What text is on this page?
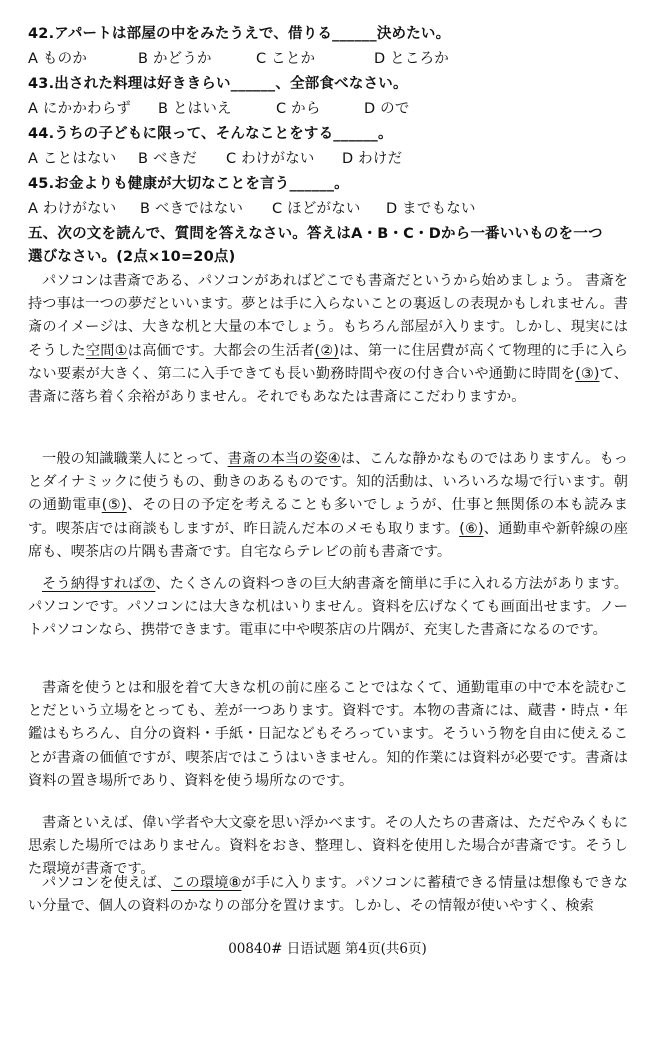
42.アパートは部屋の中をみたうえで、借りる______決めたい。
A ものか	B かどうか	C ことか	D ところか
43.出された料理は好ききらい______、全部食べなさい。
A にかかわらず B とはいえ	C から	D ので
44.うちの子どもに限って、そんなことをする______。
A ことはない B べきだ C わけがない D わけだ
45.お金よりも健康が大切なことを言う______。
A わけがない B べきではない C ほどがない D までもない
五、次の文を読んで、質問を答えなさい。答えはA・B・C・Dから一番いいものを一つ
選びなさい。(2点×10=20点)
パソコンは書斎である、パソコンがあればどこでも書斎だというから始めましょう。 書斎を持つ事は一つの夢だといいます。夢とは手に入らないことの裏返しの表現かもしれません。書斎のイメージは、大きな机と大量の本でしょう。もちろん部屋が入ります。しかし、現実にはそうした空間①は高価です。大都会の生活者(②)は、第一に住居費が高くて物理的に手に入らない要素が大きく、第二に入手できても長い勤務時間や夜の付き合いや通勤に時間を(③)て、書斎に落ち着く余裕がありません。それでもあなたは書斎にこだわりますか。
一般の知識職業人にとって、書斎の本当の姿④は、こんな静かなものではありますん。もっとダイナミックに使うもの、動きのあるものです。知的活動は、いろいろな場で行います。朝の通勤電車(⑤)、その日の予定を考えることも多いでしょうが、仕事と無関係の本も読みます。喫茶店では商談もしますが、昨日読んだ本のメモも取ります。(⑥)、通勤車や新幹線の座席も、喫茶店の片隅も書斎です。自宅ならテレビの前も書斎です。
そう納得すれば⑦、たくさんの資料つきの巨大納書斎を簡単に手に入れる方法があります。パソコンです。パソコンには大きな机はいりません。資料を広げなくても画面出せます。ノートパソコンなら、携帯できます。電車に中や喫茶店の片隅が、充実した書斎になるのです。
書斎を使うとは和服を着て大きな机の前に座ることではなくて、通勤電車の中で本を読むことだという立場をとっても、差が一つあります。資料です。本物の書斎には、蔵書・時点・年鑑はもちろん、自分の資料・手紙・日記などもそろっています。そういう物を自由に使えることが書斎の価値ですが、喫茶店ではこうはいきません。知的作業には資料が必要です。書斎は資料の置き場所であり、資料を使う場所なのです。
書斎といえば、偉い学者や大文豪を思い浮かべます。その人たちの書斎は、ただやみくもに思索した場所ではありません。資料をおき、整理し、資料を使用した場合が書斎です。そうした環境が書斎です。
パソコンを使えば、この環境⑧が手に入ります。パソコンに蓄積できる情量は想像もできない分量で、個人の資料のかなりの部分を置けます。しかし、その情報が使いやすく、検索
00840# 日语试题 第4页(共6页)
